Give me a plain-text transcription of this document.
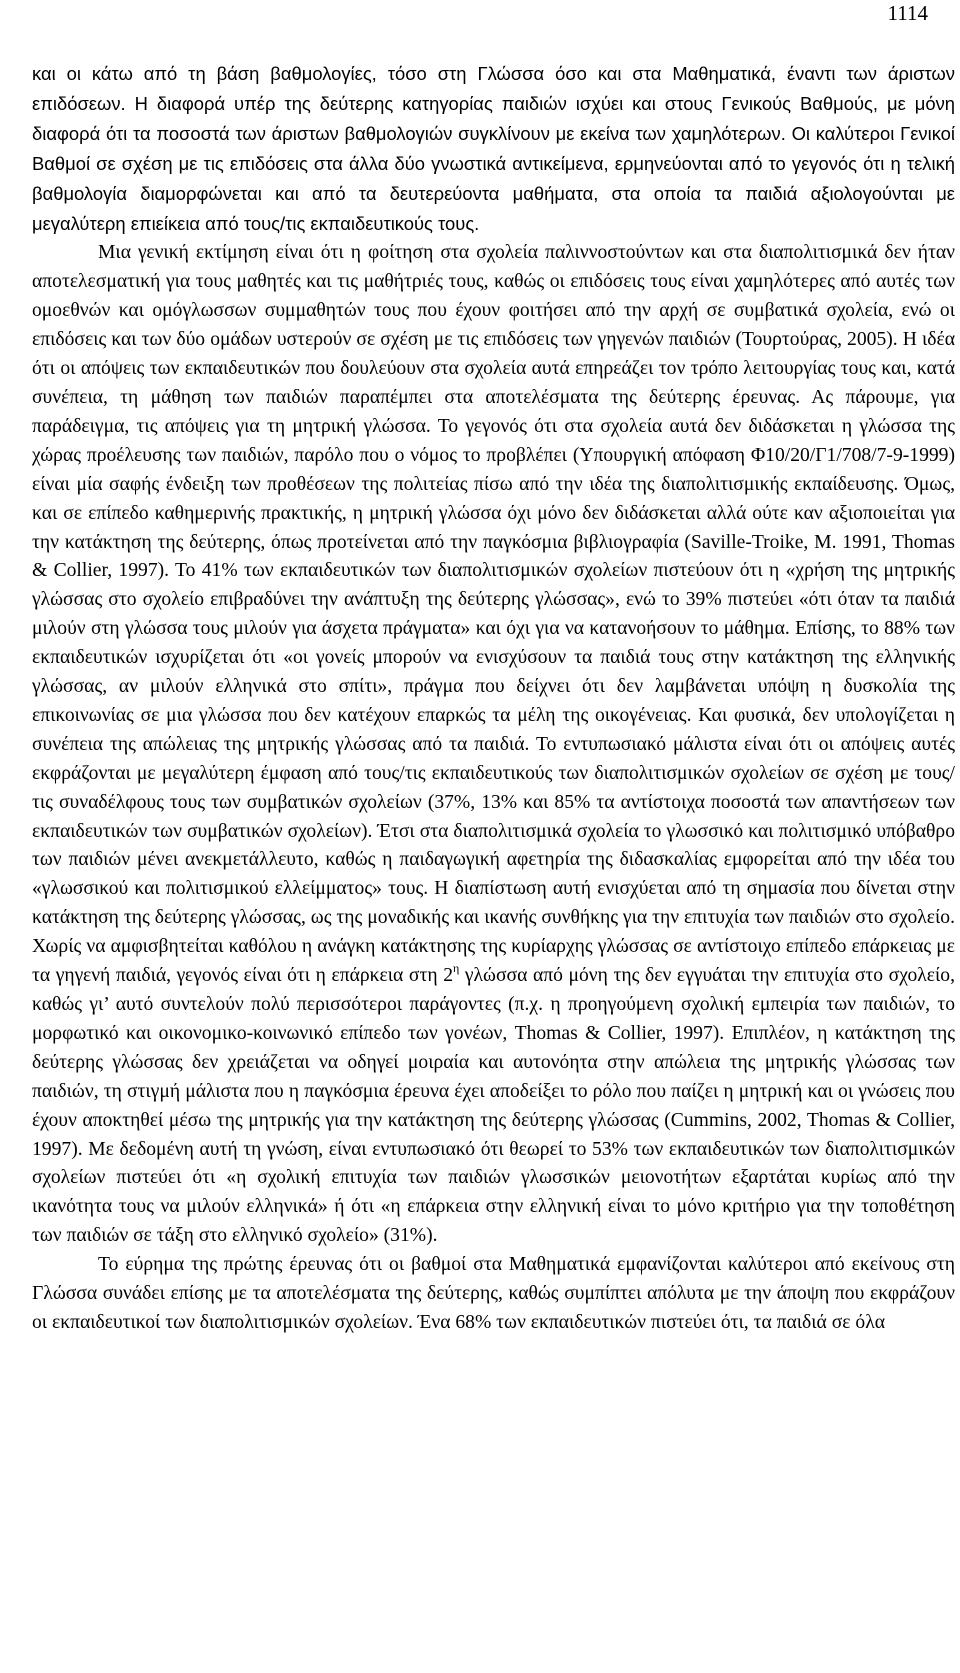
1114

και οι κάτω από τη βάση βαθμολογίες, τόσο στη Γλώσσα όσο και στα Μαθηματικά, έναντι των άριστων επιδόσεων. Η διαφορά υπέρ της δεύτερης κατηγορίας παιδιών ισχύει και στους Γενικούς Βαθμούς, με μόνη διαφορά ότι τα ποσοστά των άριστων βαθμολογιών συγκλίνουν με εκείνα των χαμηλότερων. Οι καλύτεροι Γενικοί Βαθμοί σε σχέση με τις επιδόσεις στα άλλα δύο γνωστικά αντικείμενα, ερμηνεύονται από το γεγονός ότι η τελική βαθμολογία διαμορφώνεται και από τα δευτερεύοντα μαθήματα, στα οποία τα παιδιά αξιολογούνται με μεγαλύτερη επιείκεια από τους/τις εκπαιδευτικούς τους.

Μια γενική εκτίμηση είναι ότι η φοίτηση στα σχολεία παλιννοστούντων και στα διαπολιτισμικά δεν ήταν αποτελεσματική για τους μαθητές και τις μαθήτριές τους, καθώς οι επιδόσεις τους είναι χαμηλότερες από αυτές των ομοεθνών και ομόγλωσσων συμμαθητών τους που έχουν φοιτήσει από την αρχή σε συμβατικά σχολεία, ενώ οι επιδόσεις και των δύο ομάδων υστερούν σε σχέση με τις επιδόσεις των γηγενών παιδιών (Τουρτούρας, 2005). Η ιδέα ότι οι απόψεις των εκπαιδευτικών που δουλεύουν στα σχολεία αυτά επηρεάζει τον τρόπο λειτουργίας τους και, κατά συνέπεια, τη μάθηση των παιδιών παραπέμπει στα αποτελέσματα της δεύτερης έρευνας. Ας πάρουμε, για παράδειγμα, τις απόψεις για τη μητρική γλώσσα. Το γεγονός ότι στα σχολεία αυτά δεν διδάσκεται η γλώσσα της χώρας προέλευσης των παιδιών, παρόλο που ο νόμος το προβλέπει (Υπουργική απόφαση Φ10/20/Γ1/708/7-9-1999) είναι μία σαφής ένδειξη των προθέσεων της πολιτείας πίσω από την ιδέα της διαπολιτισμικής εκπαίδευσης. Όμως, και σε επίπεδο καθημερινής πρακτικής, η μητρική γλώσσα όχι μόνο δεν διδάσκεται αλλά ούτε καν αξιοποιείται για την κατάκτηση της δεύτερης, όπως προτείνεται από την παγκόσμια βιβλιογραφία (Saville-Troike, M. 1991, Thomas & Collier, 1997). Το 41% των εκπαιδευτικών των διαπολιτισμικών σχολείων πιστεύουν ότι η «χρήση της μητρικής γλώσσας στο σχολείο επιβραδύνει την ανάπτυξη της δεύτερης γλώσσας», ενώ το 39% πιστεύει «ότι όταν τα παιδιά μιλούν στη γλώσσα τους μιλούν για άσχετα πράγματα» και όχι για να κατανοήσουν το μάθημα. Επίσης, το 88% των εκπαιδευτικών ισχυρίζεται ότι «οι γονείς μπορούν να ενισχύσουν τα παιδιά τους στην κατάκτηση της ελληνικής γλώσσας, αν μιλούν ελληνικά στο σπίτι», πράγμα που δείχνει ότι δεν λαμβάνεται υπόψη η δυσκολία της επικοινωνίας σε μια γλώσσα που δεν κατέχουν επαρκώς τα μέλη της οικογένειας. Και φυσικά, δεν υπολογίζεται η συνέπεια της απώλειας της μητρικής γλώσσας από τα παιδιά. Το εντυπωσιακό μάλιστα είναι ότι οι απόψεις αυτές εκφράζονται με μεγαλύτερη έμφαση από τους/τις εκπαιδευτικούς των διαπολιτισμικών σχολείων σε σχέση με τους/τις συναδέλφους τους των συμβατικών σχολείων (37%, 13% και 85% τα αντίστοιχα ποσοστά των απαντήσεων των εκπαιδευτικών των συμβατικών σχολείων). Έτσι στα διαπολιτισμικά σχολεία το γλωσσικό και πολιτισμικό υπόβαθρο των παιδιών μένει ανεκμετάλλευτο, καθώς η παιδαγωγική αφετηρία της διδασκαλίας εμφορείται από την ιδέα του «γλωσσικού και πολιτισμικού ελλείμματος» τους. Η διαπίστωση αυτή ενισχύεται από τη σημασία που δίνεται στην κατάκτηση της δεύτερης γλώσσας, ως της μοναδικής και ικανής συνθήκης για την επιτυχία των παιδιών στο σχολείο. Χωρίς να αμφισβητείται καθόλου η ανάγκη κατάκτησης της κυρίαρχης γλώσσας σε αντίστοιχο επίπεδο επάρκειας με τα γηγενή παιδιά, γεγονός είναι ότι η επάρκεια στη $2^\eta$ γλώσσα από μόνη της δεν εγγυάται την επιτυχία στο σχολείο, καθώς γι’ αυτό συντελούν πολύ περισσότεροι παράγοντες (π.χ. η προηγούμενη σχολική εμπειρία των παιδιών, το μορφωτικό και οικονομικο-κοινωνικό επίπεδο των γονέων, Thomas & Collier, 1997). Επιπλέον, η κατάκτηση της δεύτερης γλώσσας δεν χρειάζεται να οδηγεί μοιραία και αυτονόητα στην απώλεια της μητρικής γλώσσας των παιδιών, τη στιγμή μάλιστα που η παγκόσμια έρευνα έχει αποδείξει το ρόλο που παίζει η μητρική και οι γνώσεις που έχουν αποκτηθεί μέσω της μητρικής για την κατάκτηση της δεύτερης γλώσσας (Cummins, 2002, Thomas & Collier, 1997). Με δεδομένη αυτή τη γνώση, είναι εντυπωσιακό ότι θεωρεί το 53% των εκπαιδευτικών των διαπολιτισμικών σχολείων πιστεύει ότι «η σχολική επιτυχία των παιδιών γλωσσικών μειονοτήτων εξαρτάται κυρίως από την ικανότητα τους να μιλούν ελληνικά» ή ότι «η επάρκεια στην ελληνική είναι το μόνο κριτήριο για την τοποθέτηση των παιδιών σε τάξη στο ελληνικό σχολείο» (31%).

Το εύρημα της πρώτης έρευνας ότι οι βαθμοί στα Μαθηματικά εμφανίζονται καλύτεροι από εκείνους στη Γλώσσα συνάδει επίσης με τα αποτελέσματα της δεύτερης, καθώς συμπίπτει απόλυτα με την άποψη που εκφράζουν οι εκπαιδευτικοί των διαπολιτισμικών σχολείων. Ένα 68% των εκπαιδευτικών πιστεύει ότι, τα παιδιά σε όλα
